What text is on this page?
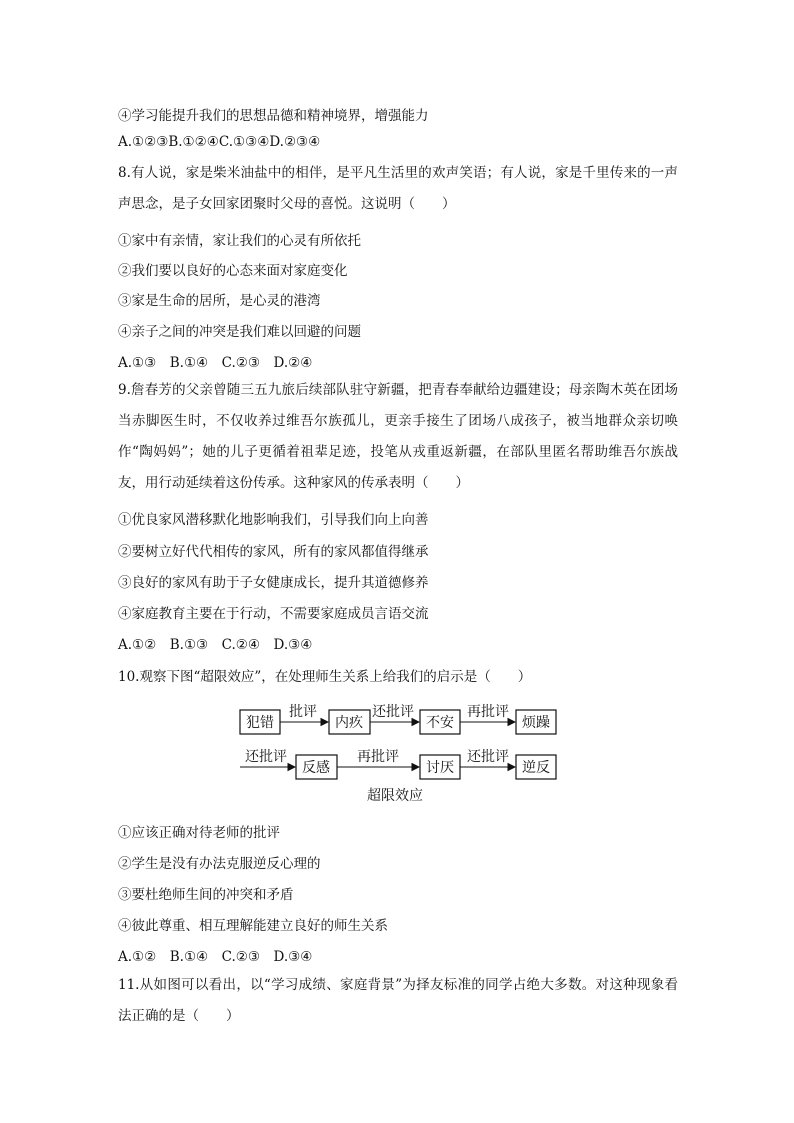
④学习能提升我们的思想品德和精神境界，增强能力
A.①②③B.①②④C.①③④D.②③④
8.有人说，家是柴米油盐中的相伴，是平凡生活里的欢声笑语；有人说，家是千里传来的一声声思念，是子女回家团聚时父母的喜悦。这说明（　　）
①家中有亲情，家让我们的心灵有所依托
②我们要以良好的心态来面对家庭变化
③家是生命的居所，是心灵的港湾
④亲子之间的冲突是我们难以回避的问题
A.①③　B.①④　C.②③　D.②④
9.詹春芳的父亲曾随三五九旅后续部队驻守新疆，把青春奉献给边疆建设；母亲陶木英在团场当赤脚医生时，不仅收养过维吾尔族孤儿，更亲手接生了团场八成孩子，被当地群众亲切唤作“陶妈妈”；她的儿子更循着祖辈足迹，投笔从戎重返新疆，在部队里匿名帮助维吾尔族战友，用行动延续着这份传承。这种家风的传承表明（　　）
①优良家风潜移默化地影响我们，引导我们向上向善
②要树立好代代相传的家风，所有的家风都值得继承
③良好的家风有助于子女健康成长，提升其道德修养
④家庭教育主要在于行动，不需要家庭成员言语交流
A.①②　B.①③　C.②④　D.③④
10.观察下图“超限效应”，在处理师生关系上给我们的启示是（　　）
犯错
批评
内疚
还批评
不安
再批评
烦躁
还批评
反感
再批评
讨厌
还批评
逆反
超限效应
①应该正确对待老师的批评
②学生是没有办法克服逆反心理的
③要杜绝师生间的冲突和矛盾
④彼此尊重、相互理解能建立良好的师生关系
A.①②　B.①④　C.②③　D.③④
11.从如图可以看出，以“学习成绩、家庭背景”为择友标准的同学占绝大多数。对这种现象看法正确的是（　　）
